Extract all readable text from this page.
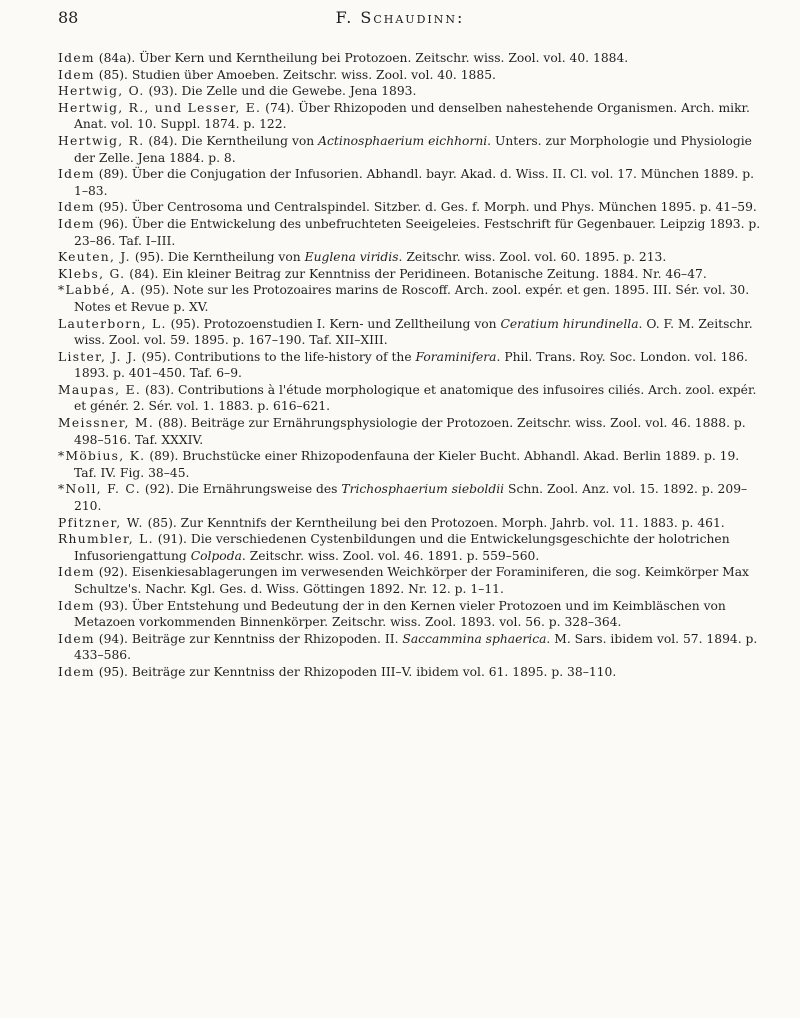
88	F. Schaudinn:

Idem (84a). Über Kern und Kerntheilung bei Protozoen. Zeitschr. wiss. Zool. vol. 40. 1884.

Idem (85). Studien über Amoeben. Zeitschr. wiss. Zool. vol. 40. 1885.

Hertwig, O. (93). Die Zelle und die Gewebe. Jena 1893.

Hertwig, R., und Lesser, E. (74). Über Rhizopoden und denselben nahestehende Organismen. Arch. mikr. Anat. vol. 10. Suppl. 1874. p. 122.

Hertwig, R. (84). Die Kerntheilung von Actinosphaerium eichhorni. Unters. zur Morphologie und Physiologie der Zelle. Jena 1884. p. 8.

Idem (89). Über die Conjugation der Infusorien. Abhandl. bayr. Akad. d. Wiss. II. Cl. vol. 17. München 1889. p. 1–83.

Idem (95). Über Centrosoma und Centralspindel. Sitzber. d. Ges. f. Morph. und Phys. München 1895. p. 41–59.

Idem (96). Über die Entwickelung des unbefruchteten Seeigeleies. Festschrift für Gegenbauer. Leipzig 1893. p. 23–86. Taf. I–III.

Keuten, J. (95). Die Kerntheilung von Euglena viridis. Zeitschr. wiss. Zool. vol. 60. 1895. p. 213.

Klebs, G. (84). Ein kleiner Beitrag zur Kenntniss der Peridineen. Botanische Zeitung. 1884. Nr. 46–47.

*Labbé, A. (95). Note sur les Protozoaires marins de Roscoff. Arch. zool. expér. et gen. 1895. III. Sér. vol. 30. Notes et Revue p. XV.

Lauterborn, L. (95). Protozoenstudien I. Kern- und Zelltheilung von Ceratium hirundinella. O. F. M. Zeitschr. wiss. Zool. vol. 59. 1895. p. 167–190. Taf. XII–XIII.

Lister, J. J. (95). Contributions to the life-history of the Foraminifera. Phil. Trans. Roy. Soc. London. vol. 186. 1893. p. 401–450. Taf. 6–9.

Maupas, E. (83). Contributions à l'étude morphologique et anatomique des infusoires ciliés. Arch. zool. expér. et génér. 2. Sér. vol. 1. 1883. p. 616–621.

Meissner, M. (88). Beiträge zur Ernährungsphysiologie der Protozoen. Zeitschr. wiss. Zool. vol. 46. 1888. p. 498–516. Taf. XXXIV.

*Möbius, K. (89). Bruchstücke einer Rhizopodenfauna der Kieler Bucht. Abhandl. Akad. Berlin 1889. p. 19. Taf. IV. Fig. 38–45.

*Noll, F. C. (92). Die Ernährungsweise des Trichosphaerium sieboldii Schn. Zool. Anz. vol. 15. 1892. p. 209–210.

Pfitzner, W. (85). Zur Kenntnifs der Kerntheilung bei den Protozoen. Morph. Jahrb. vol. 11. 1883. p. 461.

Rhumbler, L. (91). Die verschiedenen Cystenbildungen und die Entwickelungsgeschichte der holotrichen Infusoriengattung Colpoda. Zeitschr. wiss. Zool. vol. 46. 1891. p. 559–560.

Idem (92). Eisenkiesablagerungen im verwesenden Weichkörper der Foraminiferen, die sog. Keimkörper Max Schultze's. Nachr. Kgl. Ges. d. Wiss. Göttingen 1892. Nr. 12. p. 1–11.

Idem (93). Über Entstehung und Bedeutung der in den Kernen vieler Protozoen und im Keimbläschen von Metazoen vorkommenden Binnenkörper. Zeitschr. wiss. Zool. 1893. vol. 56. p. 328–364.

Idem (94). Beiträge zur Kenntniss der Rhizopoden. II. Saccammina sphaerica. M. Sars. ibidem vol. 57. 1894. p. 433–586.

Idem (95). Beiträge zur Kenntniss der Rhizopoden III–V. ibidem vol. 61. 1895. p. 38–110.
